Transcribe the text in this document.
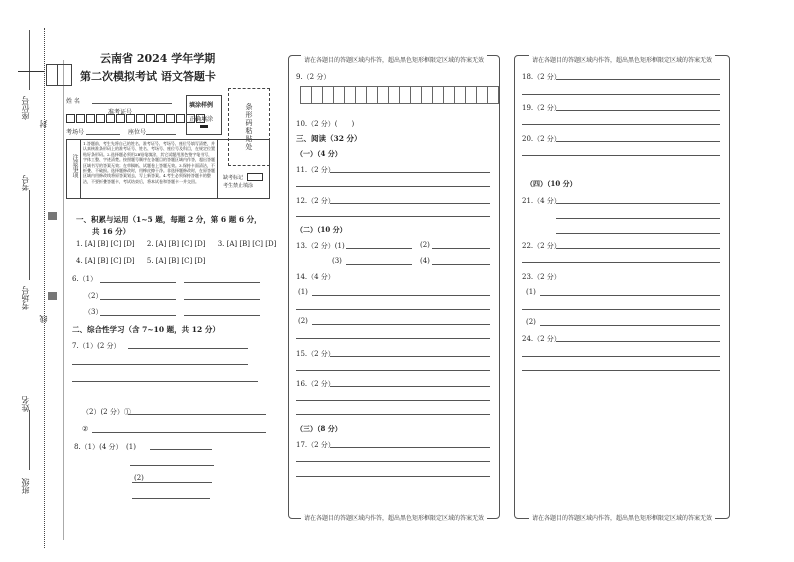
座位号
封
考号
考场号
线
姓名
班级
云南省 2024 学年学期
第二次模拟考试 语文答题卡
姓 名
准考证号
考场号	座位号
填涂样例
正确填涂	条形码粘贴处
注意事项
1.答题前，考生先将自己的姓名、准考证号、考场号、座位号填写清楚，并认真核准条形码上的准考证号、姓名、考场号、座位号及科目，在规定位置贴好条形码。2.选择题必须用2B铅笔填涂，其它试题用黑色签字笔书写，字体工整、字迹清楚。按照题号顺序在各题目的答题区域内作答，超出答题区域书写的答案无效；在草稿纸、试题卷上答题无效。3.保持卡面清洁，不折叠、不破损。选择题修改时，用橡皮擦干净。非选择题修改时，在原答题区域内用修改线将原答案划去，写上新答案。4.考生必须保持答题卡的整洁，不要折叠答题卡，考试结束后，将本试卷和答题卡一并交回。
缺考标记
考生禁止填涂
一、积累与运用（1~5 题，每题 2 分，第 6 题 6 分，
共 16 分）
1. [A] [B] [C] [D] 2. [A] [B] [C] [D] 3. [A] [B] [C] [D]
4. [A] [B] [C] [D] 5. [A] [B] [C] [D]
6.（1）
（2）
（3）
二、综合性学习（含 7~10 题，共 12 分）
7.（1）(2 分）
（2）(2 分）①
②
8.（1）(4 分）　(1)
(2)
请在各题目的答题区域内作答，超出黑色矩形框限定区域的答案无效
请在各题目的答题区域内作答，超出黑色矩形框限定区域的答案无效
9.（2 分）
10.（2 分）(　　)
三、阅读（32 分）
（一）（4 分）
11.（2 分）
12.（2 分）
（二）（10 分）
13.（2 分）(1)	(2)
(3)	(4)
14.（4 分）
(1)
(2)
15.（2 分）
16.（2 分）
（三）（8 分）
17.（2 分）
请在各题目的答题区域内作答，超出黑色矩形框限定区域的答案无效
请在各题目的答题区域内作答，超出黑色矩形框限定区域的答案无效
18.（2 分）
19.（2 分）
20.（2 分）
（四）（10 分）
21.（4 分）
22.（2 分）
23.（2 分）
(1)
(2)
24.（2 分）
